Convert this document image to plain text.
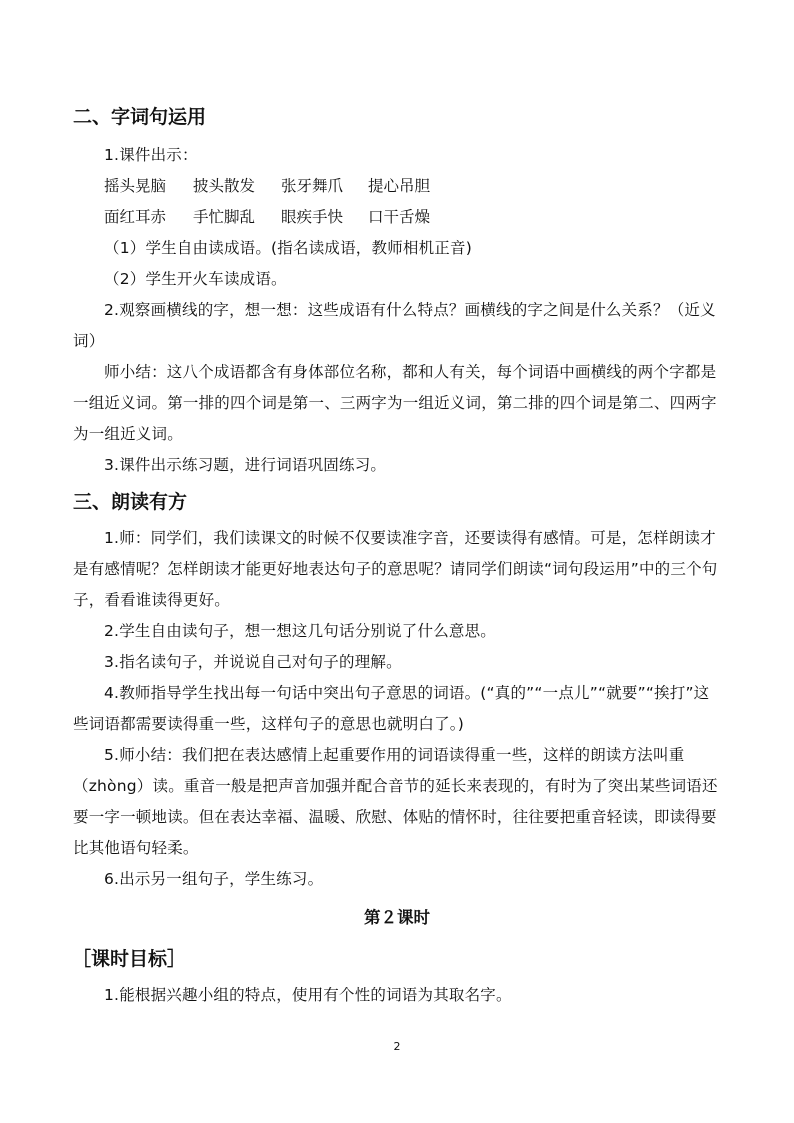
二、字词句运用
1.课件出示：
摇头晃脑 披头散发 张牙舞爪 提心吊胆
面红耳赤 手忙脚乱 眼疾手快 口干舌燥
（1）学生自由读成语。(指名读成语，教师相机正音)
（2）学生开火车读成语。
2.观察画横线的字，想一想：这些成语有什么特点？画横线的字之间是什么关系？（近义词）
师小结：这八个成语都含有身体部位名称，都和人有关，每个词语中画横线的两个字都是一组近义词。第一排的四个词是第一、三两字为一组近义词，第二排的四个词是第二、四两字为一组近义词。
3.课件出示练习题，进行词语巩固练习。
三、朗读有方
1.师：同学们，我们读课文的时候不仅要读准字音，还要读得有感情。可是，怎样朗读才是有感情呢？怎样朗读才能更好地表达句子的意思呢？请同学们朗读“词句段运用”中的三个句子，看看谁读得更好。
2.学生自由读句子，想一想这几句话分别说了什么意思。
3.指名读句子，并说说自己对句子的理解。
4.教师指导学生找出每一句话中突出句子意思的词语。(“真的”“一点儿”“就要”“挨打”这些词语都需要读得重一些，这样句子的意思也就明白了。)
5.师小结：我们把在表达感情上起重要作用的词语读得重一些，这样的朗读方法叫重（zhòng）读。重音一般是把声音加强并配合音节的延长来表现的，有时为了突出某些词语还要一字一顿地读。但在表达幸福、温暖、欣慰、体贴的情怀时，往往要把重音轻读，即读得要比其他语句轻柔。
6.出示另一组句子，学生练习。
第２课时
［课时目标］
1.能根据兴趣小组的特点，使用有个性的词语为其取名字。
2
